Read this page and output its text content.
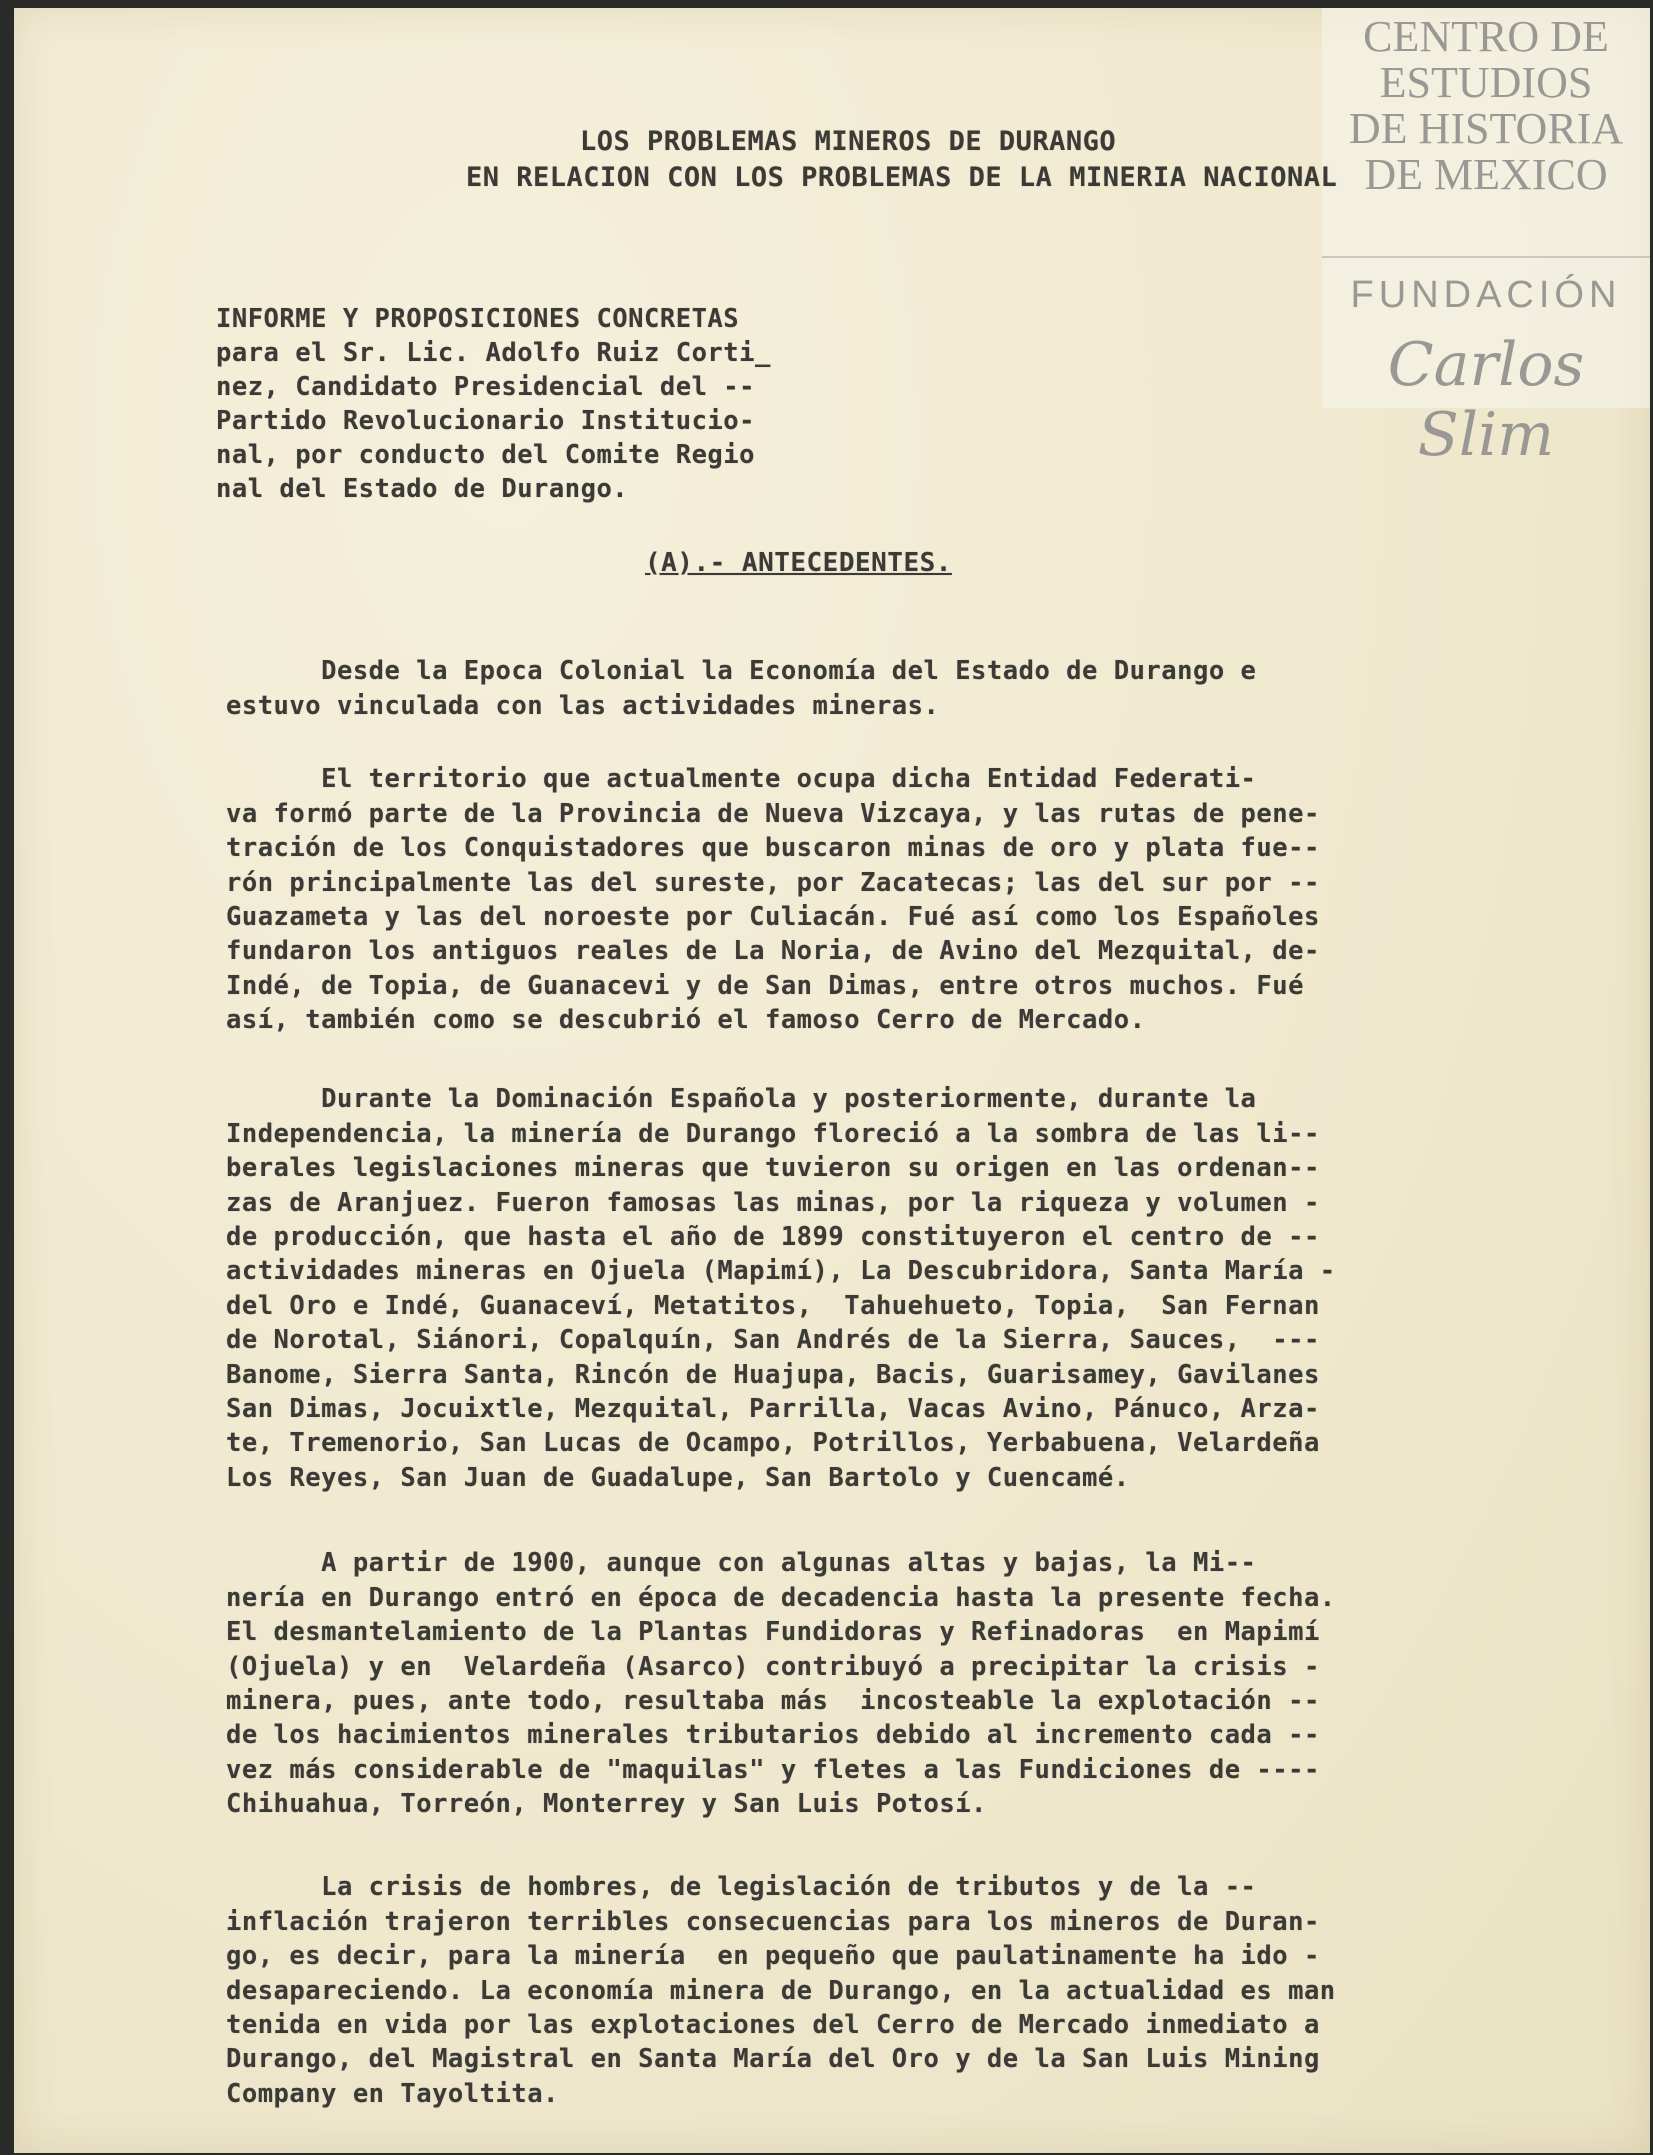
CENTRO DE
ESTUDIOS
DE HISTORIA
DE MEXICO
FUNDACIÓN
Carlos Slim
LOS PROBLEMAS MINEROS DE DURANGO
EN RELACION CON LOS PROBLEMAS DE LA MINERIA NACIONAL

INFORME Y PROPOSICIONES CONCRETAS
para el Sr. Lic. Adolfo Ruiz Corti_
nez, Candidato Presidencial del --
Partido Revolucionario Institucio-
nal, por conducto del Comite Regio
nal del Estado de Durango.

(A).- ANTECEDENTES.

Desde la Epoca Colonial la Economía del Estado de Durango e
estuvo vinculada con las actividades mineras.

El territorio que actualmente ocupa dicha Entidad Federati-
va formó parte de la Provincia de Nueva Vizcaya, y las rutas de pene-
tración de los Conquistadores que buscaron minas de oro y plata fue--
rón principalmente las del sureste, por Zacatecas; las del sur por --
Guazameta y las del noroeste por Culiacán. Fué así como los Españoles
fundaron los antiguos reales de La Noria, de Avino del Mezquital, de-
Indé, de Topia, de Guanacevi y de San Dimas, entre otros muchos. Fué
así, también como se descubrió el famoso Cerro de Mercado.

Durante la Dominación Española y posteriormente, durante la
Independencia, la minería de Durango floreció a la sombra de las li--
berales legislaciones mineras que tuvieron su origen en las ordenan--
zas de Aranjuez. Fueron famosas las minas, por la riqueza y volumen -
de producción, que hasta el año de 1899 constituyeron el centro de --
actividades mineras en Ojuela (Mapimí), La Descubridora, Santa María -
del Oro e Indé, Guanaceví, Metatitos,  Tahuehueto, Topia,  San Fernan
de Norotal, Siánori, Copalquín, San Andrés de la Sierra, Sauces,  ---
Banome, Sierra Santa, Rincón de Huajupa, Bacis, Guarisamey, Gavilanes
San Dimas, Jocuixtle, Mezquital, Parrilla, Vacas Avino, Pánuco, Arza-
te, Tremenorio, San Lucas de Ocampo, Potrillos, Yerbabuena, Velardeña
Los Reyes, San Juan de Guadalupe, San Bartolo y Cuencamé.

A partir de 1900, aunque con algunas altas y bajas, la Mi--
nería en Durango entró en época de decadencia hasta la presente fecha.
El desmantelamiento de la Plantas Fundidoras y Refinadoras  en Mapimí
(Ojuela) y en  Velardeña (Asarco) contribuyó a precipitar la crisis -
minera, pues, ante todo, resultaba más  incosteable la explotación --
de los hacimientos minerales tributarios debido al incremento cada --
vez más considerable de "maquilas" y fletes a las Fundiciones de ----
Chihuahua, Torreón, Monterrey y San Luis Potosí.

La crisis de hombres, de legislación de tributos y de la --
inflación trajeron terribles consecuencias para los mineros de Duran-
go, es decir, para la minería  en pequeño que paulatinamente ha ido -
desapareciendo. La economía minera de Durango, en la actualidad es man
tenida en vida por las explotaciones del Cerro de Mercado inmediato a
Durango, del Magistral en Santa María del Oro y de la San Luis Mining
Company en Tayoltita.
